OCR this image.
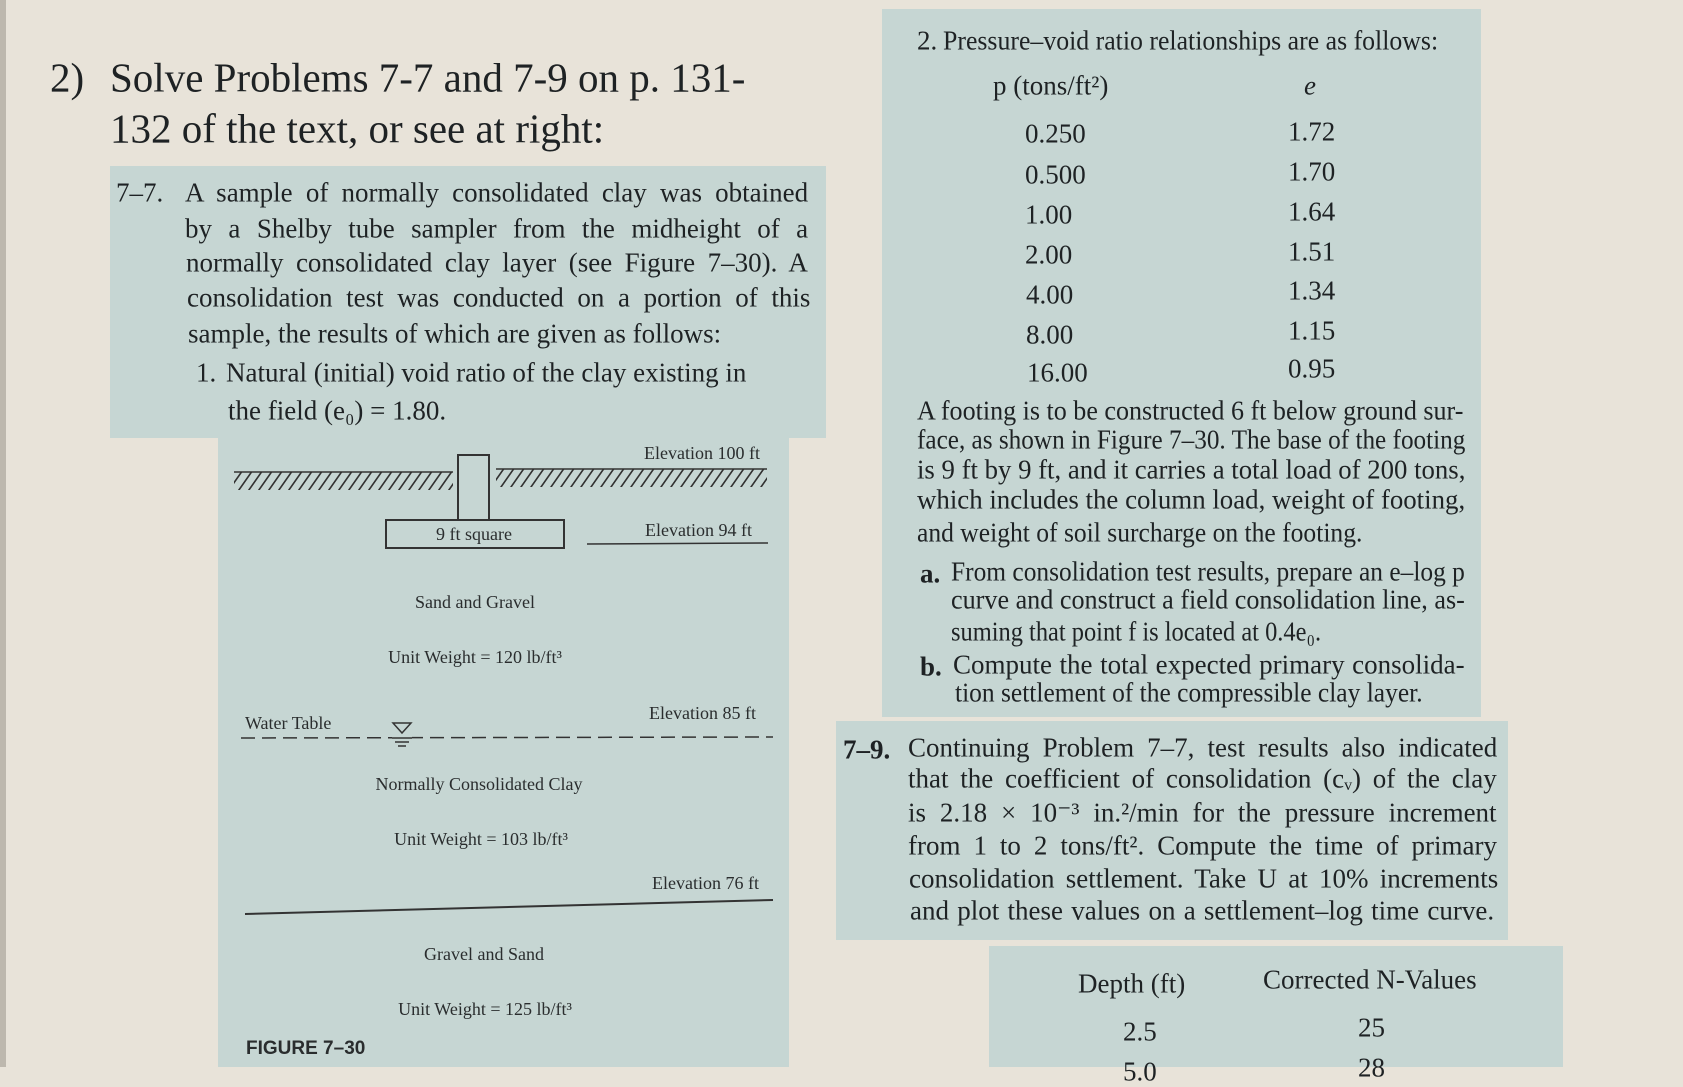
2) Solve Problems 7-7 and 7-9 on p. 131-
132 of the text, or see at right:
7–7. A sample of normally consolidated clay was obtained
by a Shelby tube sampler from the midheight of a
normally consolidated clay layer (see Figure 7–30). A
consolidation test was conducted on a portion of this
sample, the results of which are given as follows:
1. Natural (initial) void ratio of the clay existing in
the field (e₀) = 1.80.
2. Pressure–void ratio relationships are as follows:
p (tons/ft²)	e
0.250	1.72
0.500	1.70
1.00	1.64
2.00	1.51
4.00	1.34
8.00	1.15
16.00	0.95
A footing is to be constructed 6 ft below ground sur-
face, as shown in Figure 7–30. The base of the footing
is 9 ft by 9 ft, and it carries a total load of 200 tons,
which includes the column load, weight of footing,
and weight of soil surcharge on the footing.
a. From consolidation test results, prepare an e–log p
curve and construct a field consolidation line, as-
suming that point f is located at 0.4e₀.
b. Compute the total expected primary consolida-
tion settlement of the compressible clay layer.
7–9. Continuing Problem 7–7, test results also indicated
that the coefficient of consolidation (cᵥ) of the clay
is 2.18 × 10⁻³ in.²/min for the pressure increment
from 1 to 2 tons/ft². Compute the time of primary
consolidation settlement. Take U at 10% increments
and plot these values on a settlement–log time curve.
Depth (ft)	Corrected N-Values
2.5	25
5.0	28
9 ft square
Elevation 100 ft
Elevation 94 ft
Sand and Gravel
Unit Weight = 120 lb/ft³
Water Table	Elevation 85 ft
Normally Consolidated Clay
Unit Weight = 103 lb/ft³
Elevation 76 ft
Gravel and Sand
Unit Weight = 125 lb/ft³
FIGURE 7–30
